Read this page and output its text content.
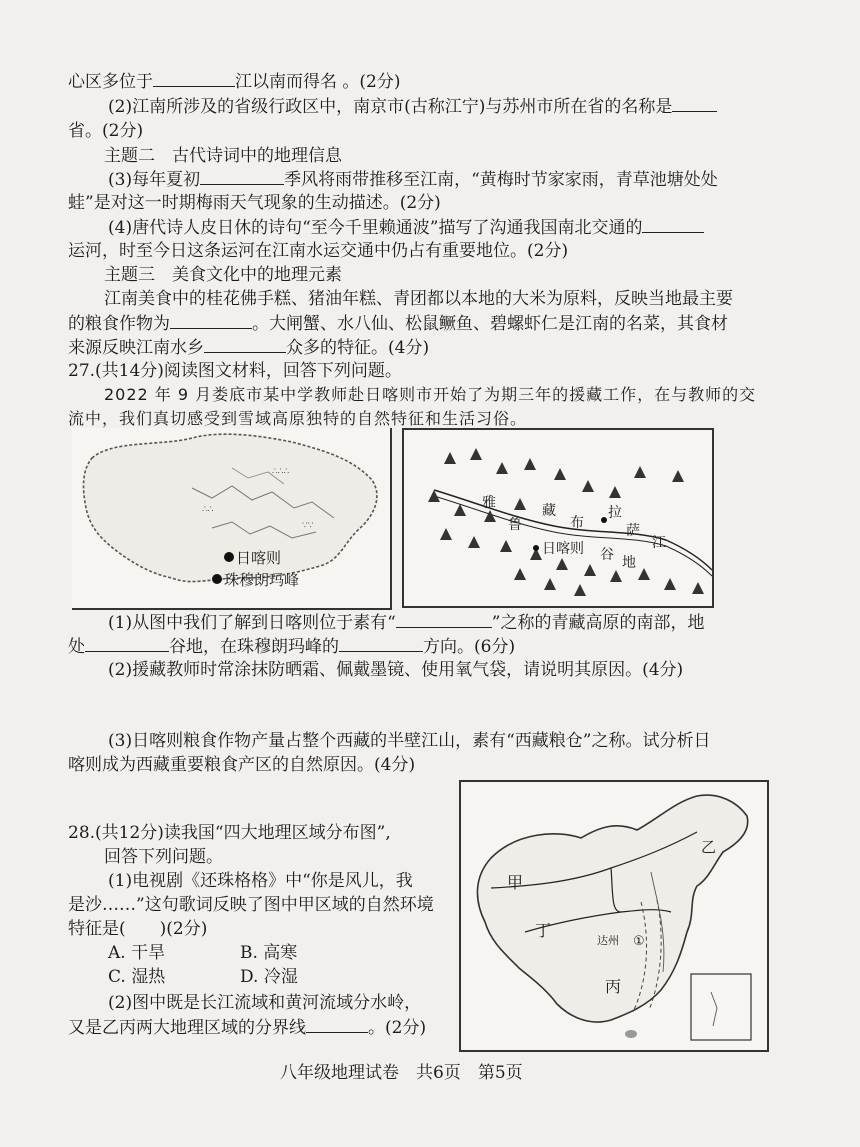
心区多位于	江以南而得名 。(2分)
(2)江南所涉及的省级行政区中，南京市(古称江宁)与苏州市所在省的名称是
省。(2分)
主题二　古代诗词中的地理信息
(3)每年夏初	季风将雨带推移至江南，“黄梅时节家家雨，青草池塘处处
蛙”是对这一时期梅雨天气现象的生动描述。(2分)
(4)唐代诗人皮日休的诗句“至今千里赖通波”描写了沟通我国南北交通的
运河，时至今日这条运河在江南水运交通中仍占有重要地位。(2分)
主题三　美食文化中的地理元素
江南美食中的桂花佛手糕、猪油年糕、青团都以本地的大米为原料，反映当地最主要
的粮食作物为	。大闸蟹、水八仙、松鼠鳜鱼、碧螺虾仁是江南的名菜，其食材
来源反映江南水乡	众多的特征。(4分)
27.(共14分)阅读图文材料，回答下列问题。
2022 年 9 月娄底市某中学教师赴日喀则市开始了为期三年的援藏工作，在与教师的交
流中，我们真切感受到雪域高原独特的自然特征和生活习俗。
∴∴∴
∵∵
∴∴
日喀则
珠穆朗玛峰
雅
鲁
藏
布
江
拉
萨
日喀则 谷 地
(1)从图中我们了解到日喀则位于素有“	”之称的青藏高原的南部，地
处	谷地，在珠穆朗玛峰的	方向。(6分)
(2)援藏教师时常涂抹防晒霜、佩戴墨镜、使用氧气袋，请说明其原因。(4分)
(3)日喀则粮食作物产量占整个西藏的半壁江山，素有“西藏粮仓”之称。试分析日
喀则成为西藏重要粮食产区的自然原因。(4分)
28.(共12分)读我国“四大地理区域分布图”,
回答下列问题。
(1)电视剧《还珠格格》中“你是风儿，我
是沙……”这句歌词反映了图中甲区域的自然环境
特征是(　　)(2分)
A. 干旱	B. 高寒
C. 湿热	D. 冷湿
(2)图中既是长江流域和黄河流域分水岭，
又是乙丙两大地理区域的分界线	。(2分)
甲
乙
丁
丙
达州 ①
八年级地理试卷　共6页　第5页
